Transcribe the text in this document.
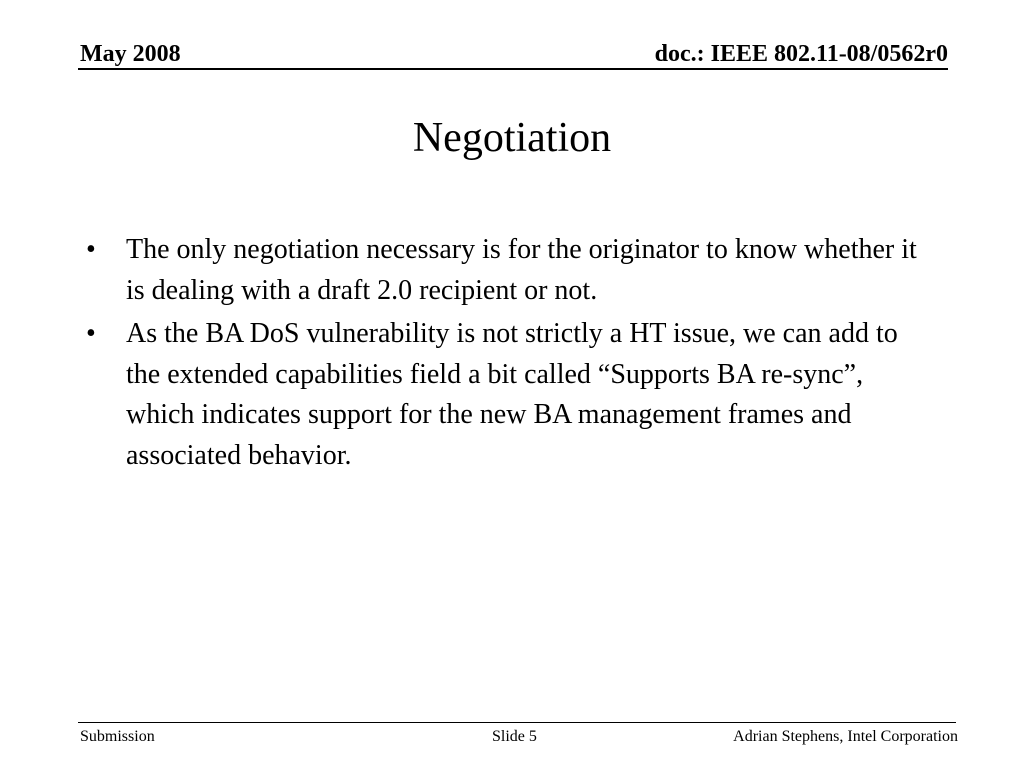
May 2008	doc.: IEEE 802.11-08/0562r0
Negotiation
• The only negotiation necessary is for the originator to know whether it is dealing with a draft 2.0 recipient or not.
• As the BA DoS vulnerability is not strictly a HT issue, we can add to the extended capabilities field a bit called “Supports BA re-sync”, which indicates support for the new BA management frames and associated behavior.
Submission	Slide 5	Adrian Stephens, Intel Corporation
